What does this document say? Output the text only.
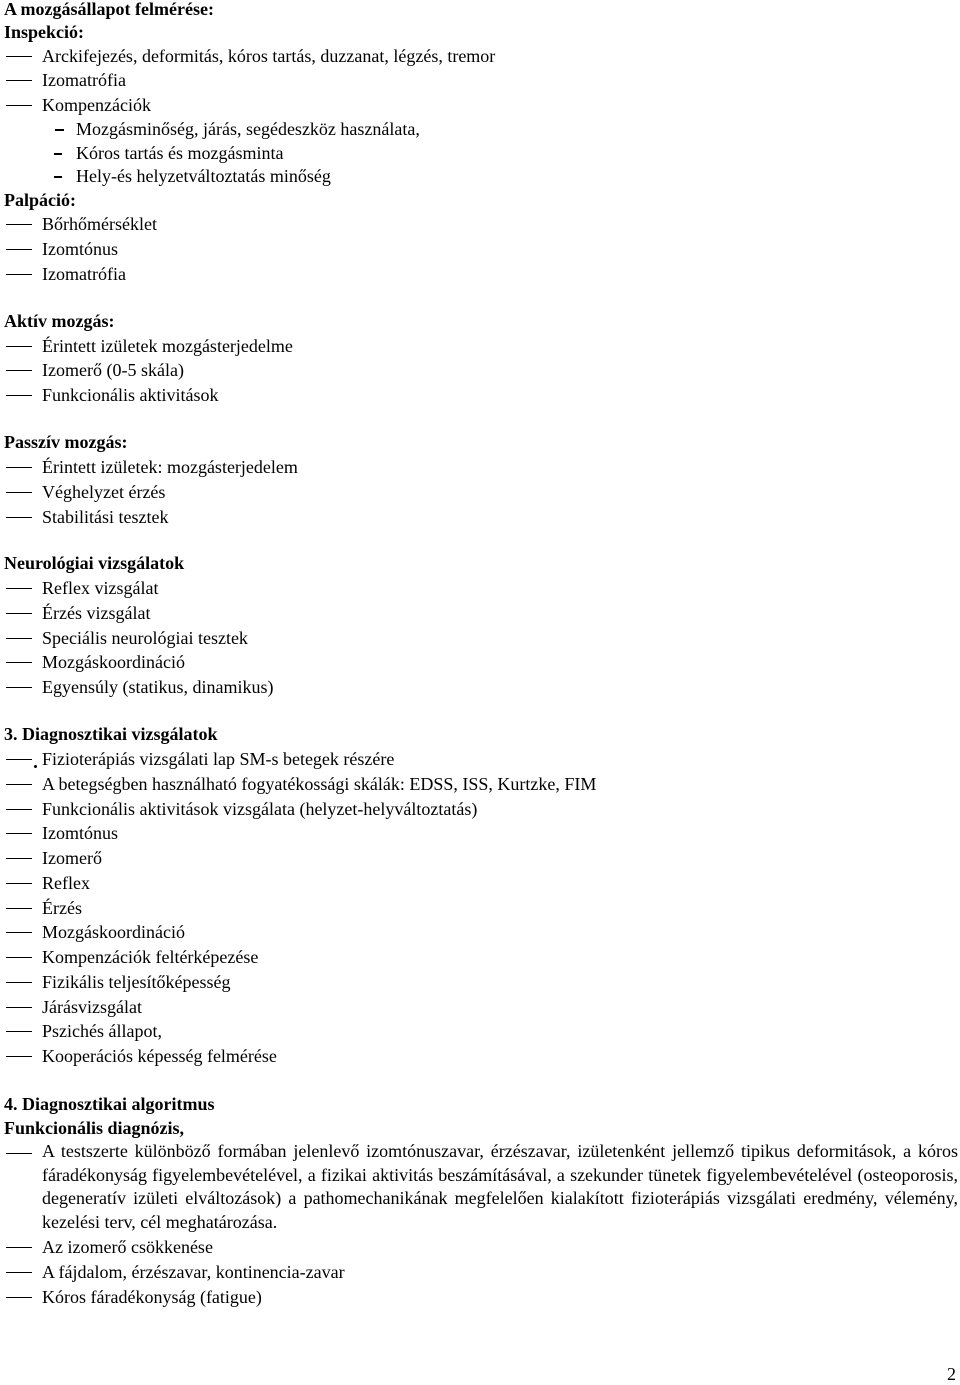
A mozgásállapot felmérése:
Inspekció:
Arckifejezés, deformitás, kóros tartás, duzzanat, légzés, tremor
Izomatrófia
Kompenzációk
Mozgásminőség, járás, segédeszköz használata,
Kóros tartás és mozgásminta
Hely-és helyzetváltoztatás minőség
Palpáció:
Bőrhőmérséklet
Izomtónus
Izomatrófia
Aktív mozgás:
Érintett izületek mozgásterjedelme
Izomerő (0-5 skála)
Funkcionális aktivitások
Passzív mozgás:
Érintett izületek: mozgásterjedelem
Véghelyzet érzés
Stabilitási tesztek
Neurológiai vizsgálatok
Reflex vizsgálat
Érzés vizsgálat
Speciális neurológiai tesztek
Mozgáskoordináció
Egyensúly (statikus, dinamikus)
3. Diagnosztikai vizsgálatok
Fizioterápiás vizsgálati lap SM-s betegek részére
A betegségben használható fogyatékossági skálák: EDSS, ISS, Kurtzke, FIM
Funkcionális aktivitások vizsgálata (helyzet-helyváltoztatás)
Izomtónus
Izomerő
Reflex
Érzés
Mozgáskoordináció
Kompenzációk feltérképezése
Fizikális teljesítőképesség
Járásvizsgálat
Pszichés állapot,
Kooperációs képesség felmérése
4. Diagnosztikai algoritmus
Funkcionális diagnózis,
A testszerte különböző formában jelenlevő izomtónuszavar, érzészavar, izületenként jellemző tipikus deformitások, a kóros fáradékonyság figyelembevételével, a fizikai aktivitás beszámításával, a szekunder tünetek figyelembevételével (osteoporosis, degeneratív izületi elváltozások) a pathomechanikának megfelelően kialakított fizioterápiás vizsgálati eredmény, vélemény, kezelési terv, cél meghatározása.
Az izomerő csökkenése
A fájdalom, érzészavar, kontinencia-zavar
Kóros fáradékonyság (fatigue)
2
